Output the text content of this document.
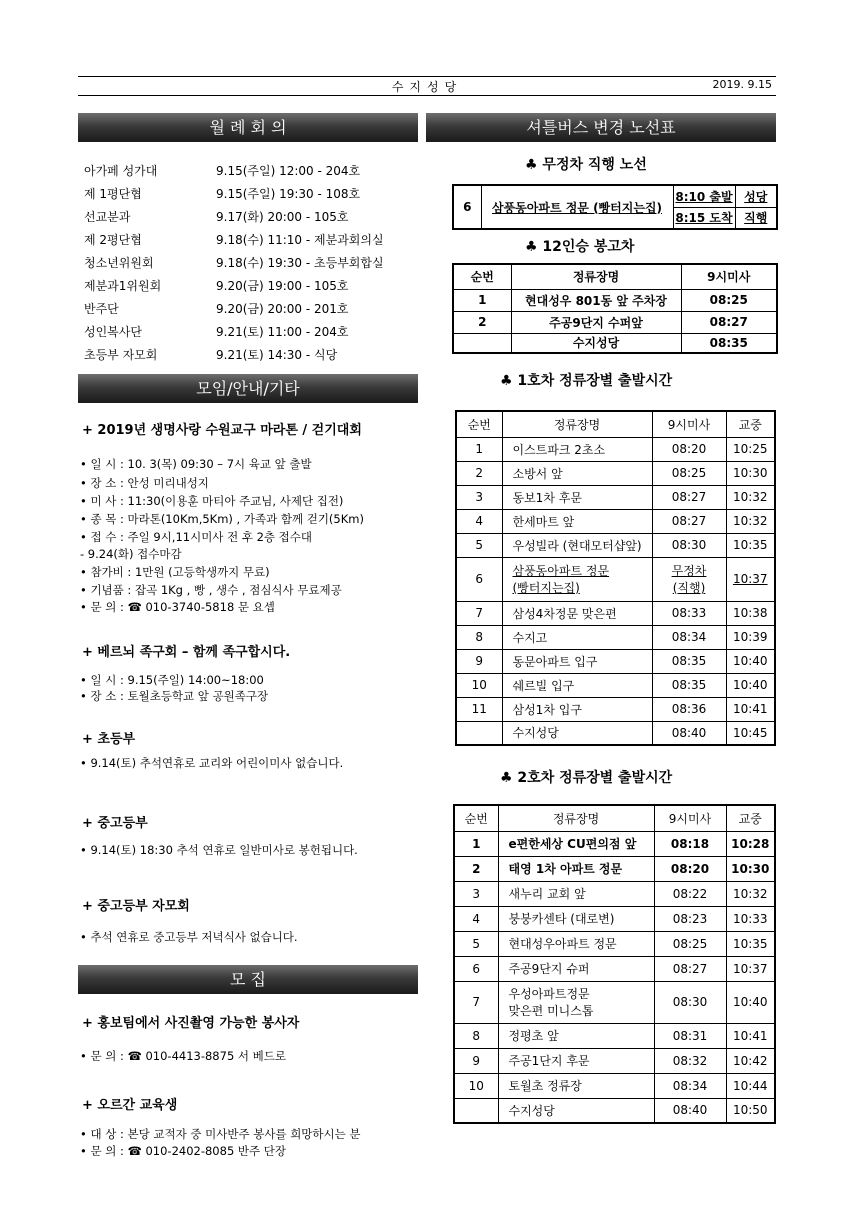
수지성당	2019. 9.15
월 례 회 의
아가페 성가대	9.15(주일) 12:00 - 204호
제 1평단협	9.15(주일) 19:30 - 108호
선교분과	9.17(화) 20:00 - 105호
제 2평단협	9.18(수) 11:10 - 제분과회의실
청소년위원회	9.18(수) 19:30 - 초등부회합실
제분과1위원회	9.20(금) 19:00 - 105호
반주단	9.20(금) 20:00 - 201호
성인복사단	9.21(토) 11:00 - 204호
초등부 자모회	9.21(토) 14:30 - 식당
모임/안내/기타
+ 2019년 생명사랑 수원교구 마라톤 / 걷기대회
• 일 시 : 10. 3(목) 09:30 – 7시 육교 앞 출발
• 장 소 : 안성 미리내성지
• 미 사 : 11:30(이용훈 마티아 주교님, 사제단 집전)
• 종 목 : 마라톤(10Km,5Km) , 가족과 함께 걷기(5Km)
• 접 수 : 주일 9시,11시미사 전 후 2층 접수대
- 9.24(화) 접수마감
• 참가비 : 1만원 (고등학생까지 무료)
• 기념품 : 잡곡 1Kg , 빵 , 생수 , 점심식사 무료제공
• 문 의 : ☎ 010-3740-5818 문 요셉
+ 베르뇌 족구회 – 함께 족구합시다.
• 일 시 : 9.15(주일) 14:00~18:00
• 장 소 : 토월초등학교 앞 공원족구장
+ 초등부
• 9.14(토) 추석연휴로 교리와 어린이미사 없습니다.
+ 중고등부
• 9.14(토) 18:30 추석 연휴로 일반미사로 봉헌됩니다.
+ 중고등부 자모회
• 추석 연휴로 중고등부 저녁식사 없습니다.
모 집
+ 홍보팀에서 사진촬영 가능한 봉사자
• 문 의 : ☎ 010-4413-8875 서 베드로
+ 오르간 교육생
• 대 상 : 본당 교적자 중 미사반주 봉사를 희망하시는 분
• 문 의 : ☎ 010-2402-8085 반주 단장
셔틀버스 변경 노선표
♣ 무정차 직행 노선
6	삼풍동아파트 정문 (빵터지는집)	8:10 출발	성당
		8:15 도착	직행
♣ 12인승 봉고차
순번	정류장명	9시미사
1	현대성우 801동 앞 주차장	08:25
2	주공9단지 수퍼앞	08:27
	수지성당	08:35
♣ 1호차 정류장별 출발시간
순번	정류장명	9시미사	교중
1	이스트파크 2초소	08:20	10:25
2	소방서 앞	08:25	10:30
3	동보1차 후문	08:27	10:32
4	한세마트 앞	08:27	10:32
5	우성빌라 (현대모터샵앞)	08:30	10:35
6	삼풍동아파트 정문
(빵터지는집)	무정차
(직행)	10:37
7	삼성4차정문 맞은편	08:33	10:38
8	수지고	08:34	10:39
9	동문아파트 입구	08:35	10:40
10	쉐르빌 입구	08:35	10:40
11	삼성1차 입구	08:36	10:41
	수지성당	08:40	10:45
♣ 2호차 정류장별 출발시간
순번	정류장명	9시미사	교중
1	e편한세상 CU편의점 앞	08:18	10:28
2	태영 1차 아파트 정문	08:20	10:30
3	새누리 교회 앞	08:22	10:32
4	붕붕카센타 (대로변)	08:23	10:33
5	현대성우아파트 정문	08:25	10:35
6	주공9단지 슈퍼	08:27	10:37
7	우성아파트정문
맞은편 미니스톱	08:30	10:40
8	정평초 앞	08:31	10:41
9	주공1단지 후문	08:32	10:42
10	토월초 정류장	08:34	10:44
	수지성당	08:40	10:50
